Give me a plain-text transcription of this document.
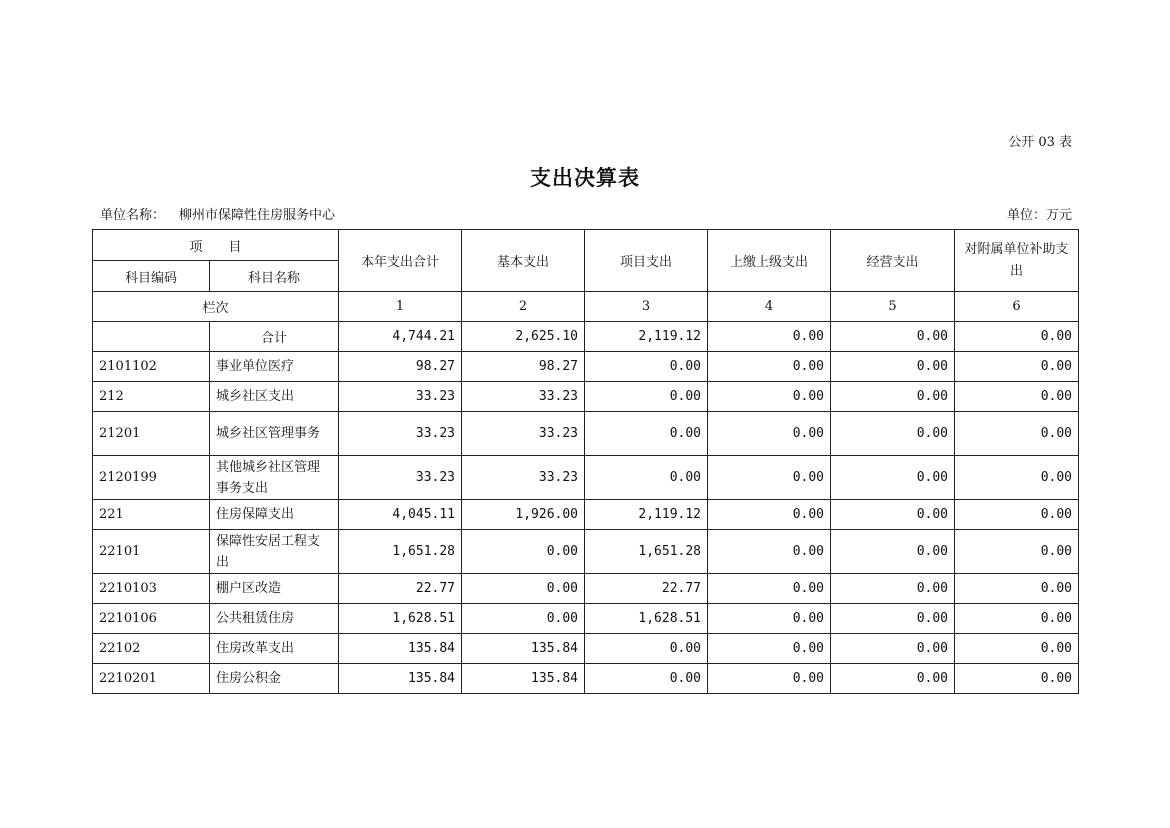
公开 03 表
支出决算表
单位名称： 柳州市保障性住房服务中心	单位：万元
项　　目		本年支出合计	基本支出	项目支出	上缴上级支出	经营支出	对附属单位补助支出
科目编码	科目名称						
栏次		1	2	3	4	5	6
	合计	4,744.21	2,625.10	2,119.12	0.00	0.00	0.00
2101102	事业单位医疗	98.27	98.27	0.00	0.00	0.00	0.00
212	城乡社区支出	33.23	33.23	0.00	0.00	0.00	0.00
21201	城乡社区管理事务	33.23	33.23	0.00	0.00	0.00	0.00
2120199	其他城乡社区管理事务支出	33.23	33.23	0.00	0.00	0.00	0.00
221	住房保障支出	4,045.11	1,926.00	2,119.12	0.00	0.00	0.00
22101	保障性安居工程支出	1,651.28	0.00	1,651.28	0.00	0.00	0.00
2210103	棚户区改造	22.77	0.00	22.77	0.00	0.00	0.00
2210106	公共租赁住房	1,628.51	0.00	1,628.51	0.00	0.00	0.00
22102	住房改革支出	135.84	135.84	0.00	0.00	0.00	0.00
2210201	住房公积金	135.84	135.84	0.00	0.00	0.00	0.00
